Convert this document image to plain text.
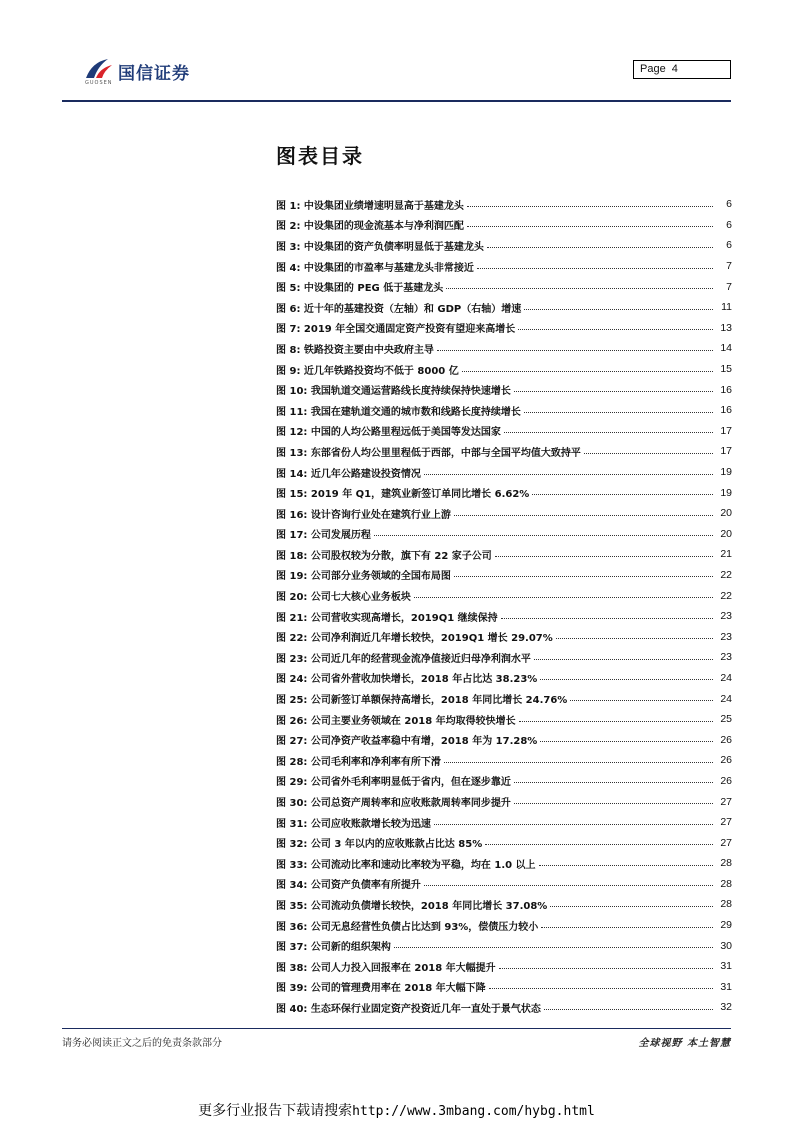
国信证券
GUOSEN
Page 4
图表目录
图 1: 中设集团业绩增速明显高于基建龙头	6
图 2: 中设集团的现金流基本与净利润匹配	6
图 3: 中设集团的资产负债率明显低于基建龙头	6
图 4: 中设集团的市盈率与基建龙头非常接近	7
图 5: 中设集团的 PEG 低于基建龙头	7
图 6: 近十年的基建投资（左轴）和 GDP（右轴）增速	11
图 7: 2019 年全国交通固定资产投资有望迎来高增长	13
图 8: 铁路投资主要由中央政府主导	14
图 9: 近几年铁路投资均不低于 8000 亿	15
图 10: 我国轨道交通运营路线长度持续保持快速增长	16
图 11: 我国在建轨道交通的城市数和线路长度持续增长	16
图 12: 中国的人均公路里程远低于美国等发达国家	17
图 13: 东部省份人均公里里程低于西部，中部与全国平均值大致持平	17
图 14: 近几年公路建设投资情况	19
图 15: 2019 年 Q1，建筑业新签订单同比增长 6.62%	19
图 16: 设计咨询行业处在建筑行业上游	20
图 17: 公司发展历程	20
图 18: 公司股权较为分散，旗下有 22 家子公司	21
图 19: 公司部分业务领域的全国布局图	22
图 20: 公司七大核心业务板块	22
图 21: 公司营收实现高增长，2019Q1 继续保持	23
图 22: 公司净利润近几年增长较快，2019Q1 增长 29.07%	23
图 23: 公司近几年的经营现金流净值接近归母净利润水平	23
图 24: 公司省外营收加快增长，2018 年占比达 38.23%	24
图 25: 公司新签订单额保持高增长，2018 年同比增长 24.76%	24
图 26: 公司主要业务领域在 2018 年均取得较快增长	25
图 27: 公司净资产收益率稳中有增，2018 年为 17.28%	26
图 28: 公司毛利率和净利率有所下滑	26
图 29: 公司省外毛利率明显低于省内，但在逐步靠近	26
图 30: 公司总资产周转率和应收账款周转率同步提升	27
图 31: 公司应收账款增长较为迅速	27
图 32: 公司 3 年以内的应收账款占比达 85%	27
图 33: 公司流动比率和速动比率较为平稳，均在 1.0 以上	28
图 34: 公司资产负债率有所提升	28
图 35: 公司流动负债增长较快，2018 年同比增长 37.08%	28
图 36: 公司无息经营性负债占比达到 93%，偿债压力较小	29
图 37: 公司新的组织架构	30
图 38: 公司人力投入回报率在 2018 年大幅提升	31
图 39: 公司的管理费用率在 2018 年大幅下降	31
图 40: 生态环保行业固定资产投资近几年一直处于景气状态	32
请务必阅读正文之后的免责条款部分	全球视野 本土智慧
更多行业报告下载请搜索http://www.3mbang.com/hybg.html
